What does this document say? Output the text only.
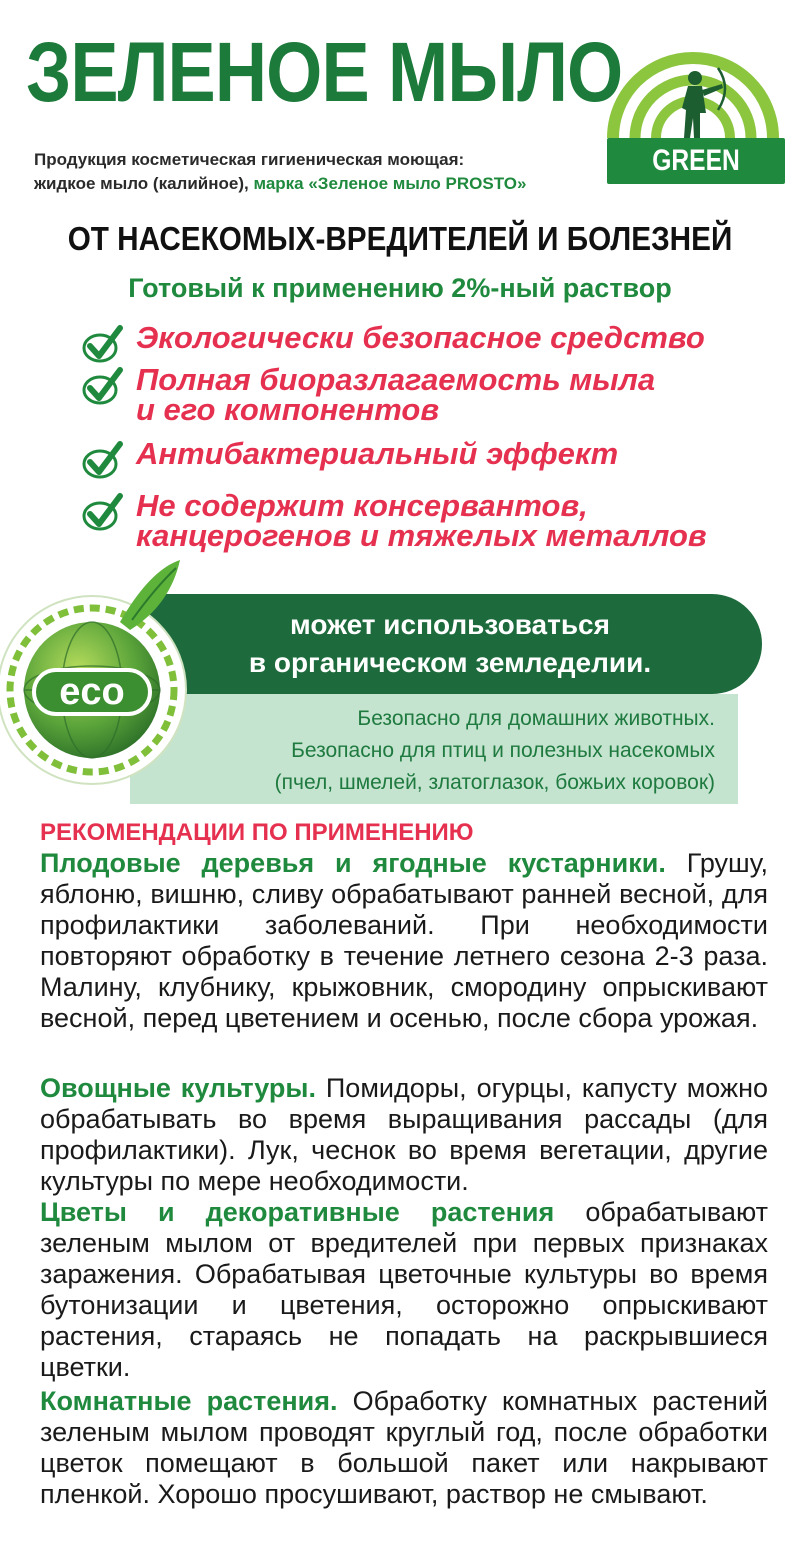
ЗЕЛЕНОЕ МЫЛО
Продукция косметическая гигиеническая моющая:
жидкое мыло (калийное), марка «Зеленое мыло PROSTO»
GREEN BELT
ОТ НАСЕКОМЫХ-ВРЕДИТЕЛЕЙ И БОЛЕЗНЕЙ
Готовый к применению 2%-ный раствор
Экологически безопасное средство
Полная биоразлагаемость мыла
и его компонентов
Антибактериальный эффект
Не содержит консервантов,
канцерогенов и тяжелых металлов
может использоваться
в органическом земледелии.
Безопасно для домашних животных.
Безопасно для птиц и полезных насекомых
(пчел, шмелей, златоглазок, божьих коровок)
eco
РЕКОМЕНДАЦИИ ПО ПРИМЕНЕНИЮ
Плодовые деревья и ягодные кустарники. Грушу, яблоню, вишню, сливу обрабатывают ранней весной, для профилактики заболеваний. При необходимости повторяют обработку в течение летнего сезона 2-3 раза. Малину, клубнику, крыжовник, смородину опрыскивают весной, перед цветением и осенью, после сбора урожая.
Овощные культуры. Помидоры, огурцы, капусту можно обрабатывать во время выращивания рассады (для профилактики). Лук, чеснок во время вегетации, другие культуры по мере необходимости.
Цветы и декоративные растения обрабатывают зеленым мылом от вредителей при первых признаках заражения. Обрабатывая цветочные культуры во время бутонизации и цветения, осторожно опрыскивают растения, стараясь не попадать на раскрывшиеся цветки.
Комнатные растения. Обработку комнатных растений зеленым мылом проводят круглый год, после обработки цветок помещают в большой пакет или накрывают пленкой. Хорошо просушивают, раствор не смывают.
